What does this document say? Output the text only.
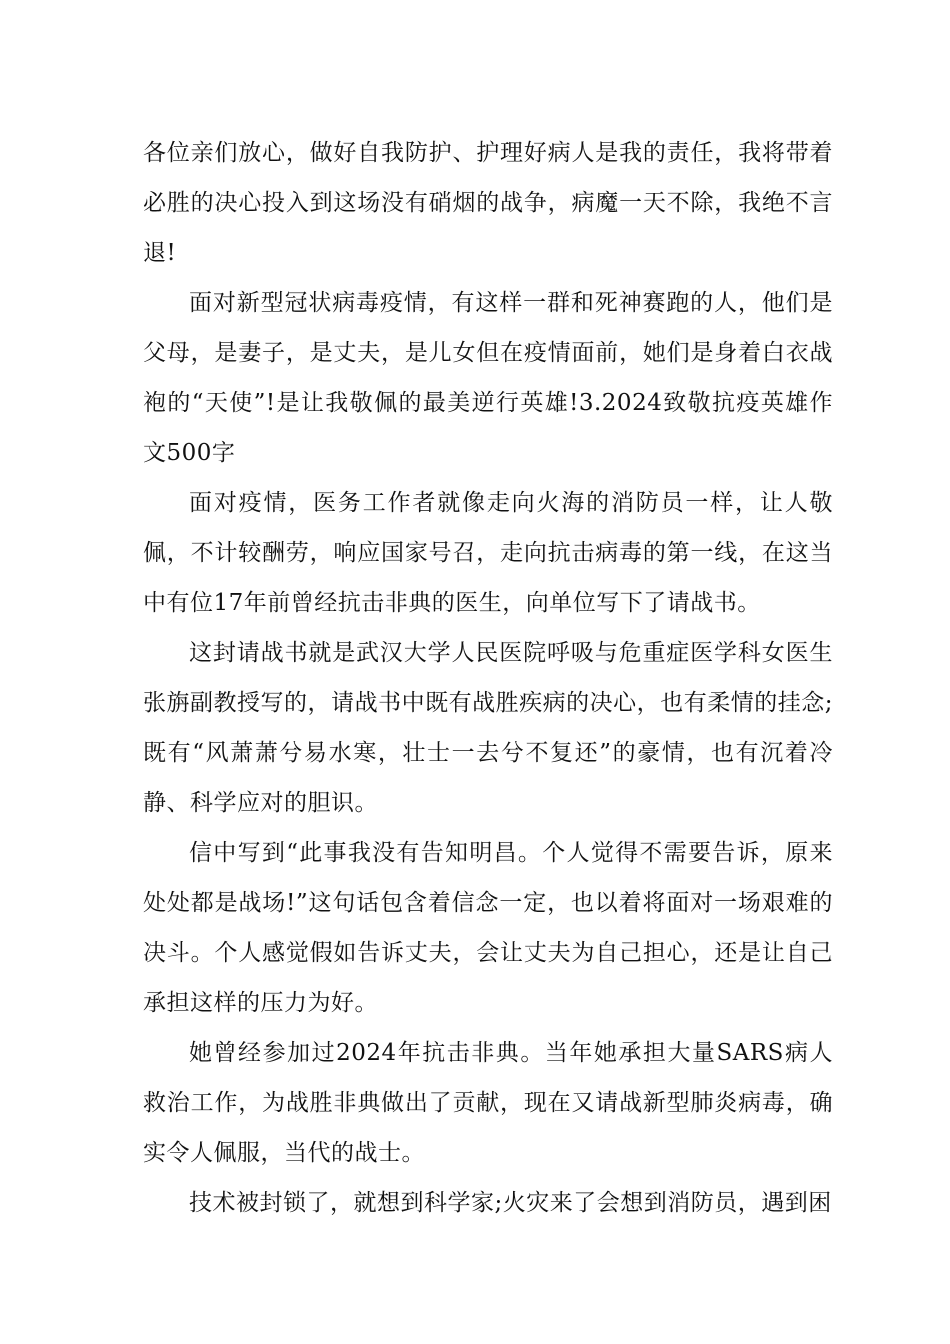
各位亲们放心，做好自我防护、护理好病人是我的责任，我将带着必胜的决心投入到这场没有硝烟的战争，病魔一天不除，我绝不言退!

面对新型冠状病毒疫情，有这样一群和死神赛跑的人，他们是父母，是妻子，是丈夫，是儿女但在疫情面前，她们是身着白衣战袍的“天使”!是让我敬佩的最美逆行英雄!3.2024致敬抗疫英雄作文500字

面对疫情，医务工作者就像走向火海的消防员一样，让人敬佩，不计较酬劳，响应国家号召，走向抗击病毒的第一线，在这当中有位17年前曾经抗击非典的医生，向单位写下了请战书。

这封请战书就是武汉大学人民医院呼吸与危重症医学科女医生张旃副教授写的，请战书中既有战胜疾病的决心，也有柔情的挂念;既有“风萧萧兮易水寒，壮士一去兮不复还”的豪情，也有沉着冷静、科学应对的胆识。

信中写到“此事我没有告知明昌。个人觉得不需要告诉，原来处处都是战场!”这句话包含着信念一定，也以着将面对一场艰难的决斗。个人感觉假如告诉丈夫，会让丈夫为自己担心，还是让自己承担这样的压力为好。

她曾经参加过2024年抗击非典。当年她承担大量SARS病人救治工作，为战胜非典做出了贡献，现在又请战新型肺炎病毒，确实令人佩服，当代的战士。

技术被封锁了，就想到科学家;火灾来了会想到消防员，遇到困
